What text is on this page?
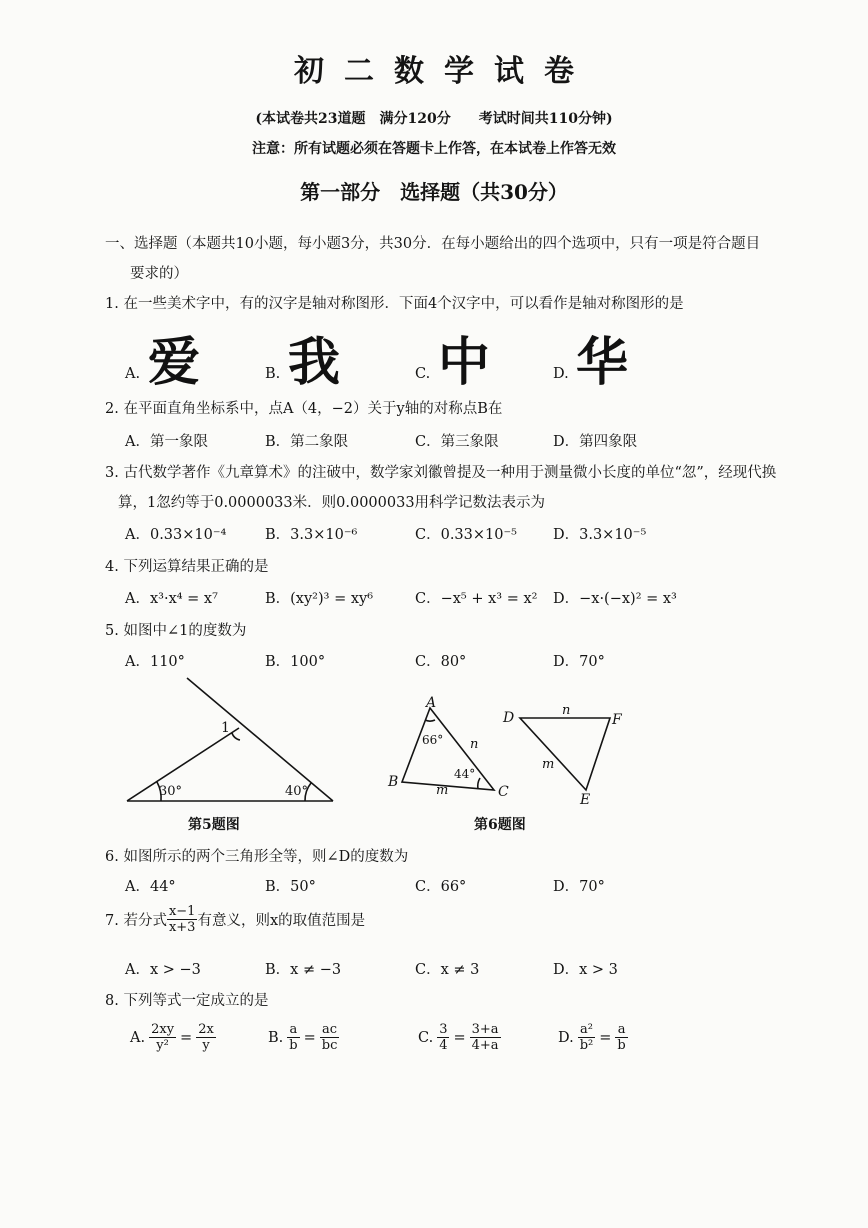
初二数学试卷
(本试卷共23道题　满分120分　　考试时间共110分钟)
注意：所有试题必须在答题卡上作答，在本试卷上作答无效
第一部分　选择题（共30分）
一、选择题（本题共10小题，每小题3分，共30分．在每小题给出的四个选项中，只有一项是符合题目
要求的）
1. 在一些美术字中，有的汉字是轴对称图形．下面4个汉字中，可以看作是轴对称图形的是
A. 爱	B. 我	C. 中	D. 华
2. 在平面直角坐标系中，点A（4，−2）关于y轴的对称点B在
A．第一象限	B．第二象限	C．第三象限	D．第四象限
3. 古代数学著作《九章算术》的注破中，数学家刘徽曾提及一种用于测量微小长度的单位“忽”，经现代换
算，1忽约等于0.0000033米．则0.0000033用科学记数法表示为
A．0.33×10⁻⁴	B．3.3×10⁻⁶	C．0.33×10⁻⁵ D．3.3×10⁻⁵
4. 下列运算结果正确的是
A．x³·x⁴ = x⁷	B．(xy²)³ = xy⁶	C．−x⁵ + x³ = x² D．−x·(−x)² = x³
5. 如图中∠1的度数为
A．110°	B．100°	C．80°	D．70°
1
30°	40°
第5题图
A
B
C
D
E
F
n
m
n
m
66°
44°
第6题图
6. 如图所示的两个三角形全等，则∠D的度数为
A．44°	B．50°	C．66°	D．70°
7. 若分式 $\frac{x-1}{x+3}$ 有意义，则x的取值范围是
A．x > −3	B．x ≠ −3	C．x ≠ 3	D．x > 3
8. 下列等式一定成立的是
A. $\frac{2xy}{\text{y²}} = \frac{2x}{y}$	B. $\frac{a}{b} = \frac{ac}{bc}$	C. $\frac{3}{4} = \frac{3+a}{4+a}$	D. $\frac{\text{a²}}{\text{b²}} = \frac{a}{b}$
